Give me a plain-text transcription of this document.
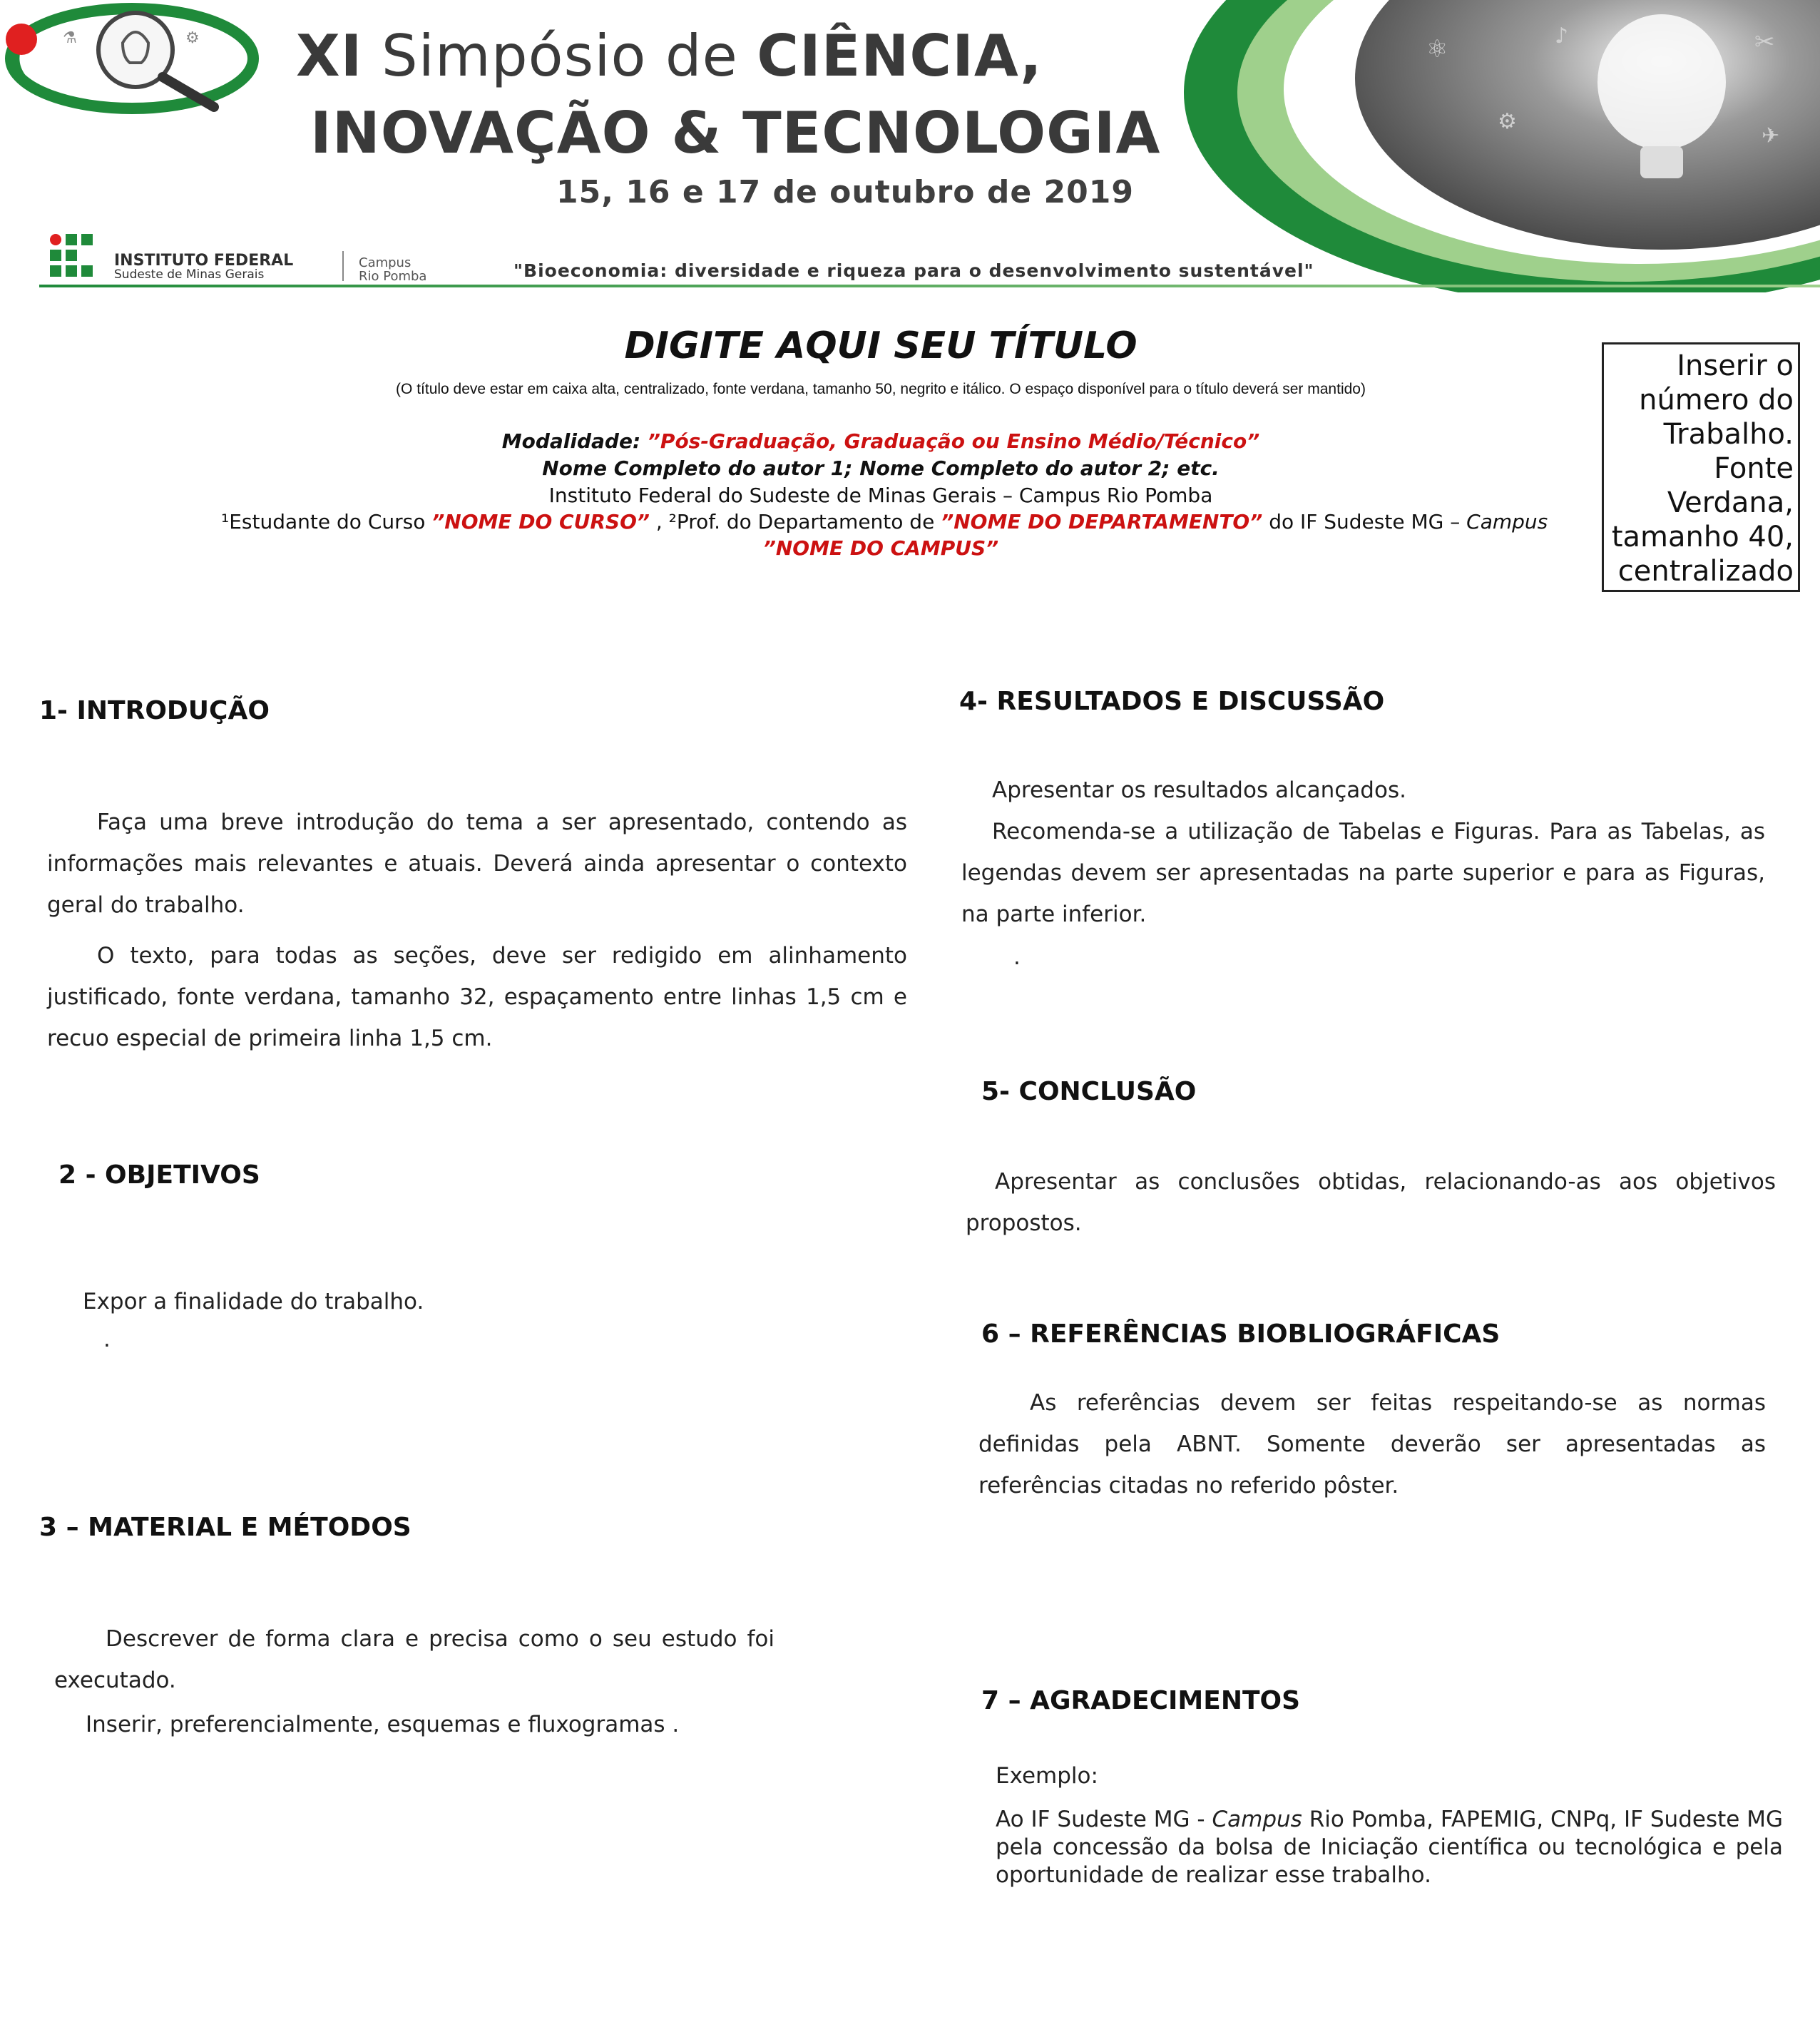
⚗	⚙	⚛	♪	✂
⚙
✈
XI Simpósio de CIÊNCIA,
INOVAÇÃO & TECNOLOGIA
15, 16 e 17 de outubro de 2019
INSTITUTO FEDERAL
Sudeste de Minas Gerais
Campus
Rio Pomba	"Bioeconomia: diversidade e riqueza para o desenvolvimento sustentável"
DIGITE AQUI SEU TÍTULO
(O título deve estar em caixa alta, centralizado, fonte verdana, tamanho 50, negrito e itálico. O espaço disponível para o título deverá ser mantido)
Modalidade: ”Pós-Graduação, Graduação ou Ensino Médio/Técnico”
Nome Completo do autor 1; Nome Completo do autor 2; etc.
Instituto Federal do Sudeste de Minas Gerais – Campus Rio Pomba
¹Estudante do Curso ”NOME DO CURSO” , ²Prof. do Departamento de ”NOME DO DEPARTAMENTO” do IF Sudeste MG – Campus
”NOME DO CAMPUS”
Inserir o
número do
Trabalho.
Fonte
Verdana,
tamanho 40,
centralizado
1- INTRODUÇÃO
Faça uma breve introdução do tema a ser apresentado, contendo as informações mais relevantes e atuais. Deverá ainda apresentar o contexto geral do trabalho.
O texto, para todas as seções, deve ser redigido em alinhamento justificado, fonte verdana, tamanho 32, espaçamento entre linhas 1,5 cm e recuo especial de primeira linha 1,5 cm.
2 - OBJETIVOS
Expor a finalidade do trabalho.
.
3 – MATERIAL E MÉTODOS
Descrever de forma clara e precisa como o seu estudo foi executado.
Inserir, preferencialmente, esquemas e fluxogramas .
4- RESULTADOS E DISCUSSÃO
Apresentar os resultados alcançados.
Recomenda-se a utilização de Tabelas e Figuras. Para as Tabelas, as legendas devem ser apresentadas na parte superior e para as Figuras, na parte inferior.
.
5- CONCLUSÃO
Apresentar as conclusões obtidas, relacionando-as aos objetivos propostos.
6 – REFERÊNCIAS BIOBLIOGRÁFICAS
As referências devem ser feitas respeitando-se as normas definidas pela ABNT. Somente deverão ser apresentadas as referências citadas no referido pôster.
7 – AGRADECIMENTOS
Exemplo:
Ao IF Sudeste MG - Campus Rio Pomba, FAPEMIG, CNPq, IF Sudeste MG pela concessão da bolsa de Iniciação científica ou tecnológica e pela oportunidade de realizar esse trabalho.
